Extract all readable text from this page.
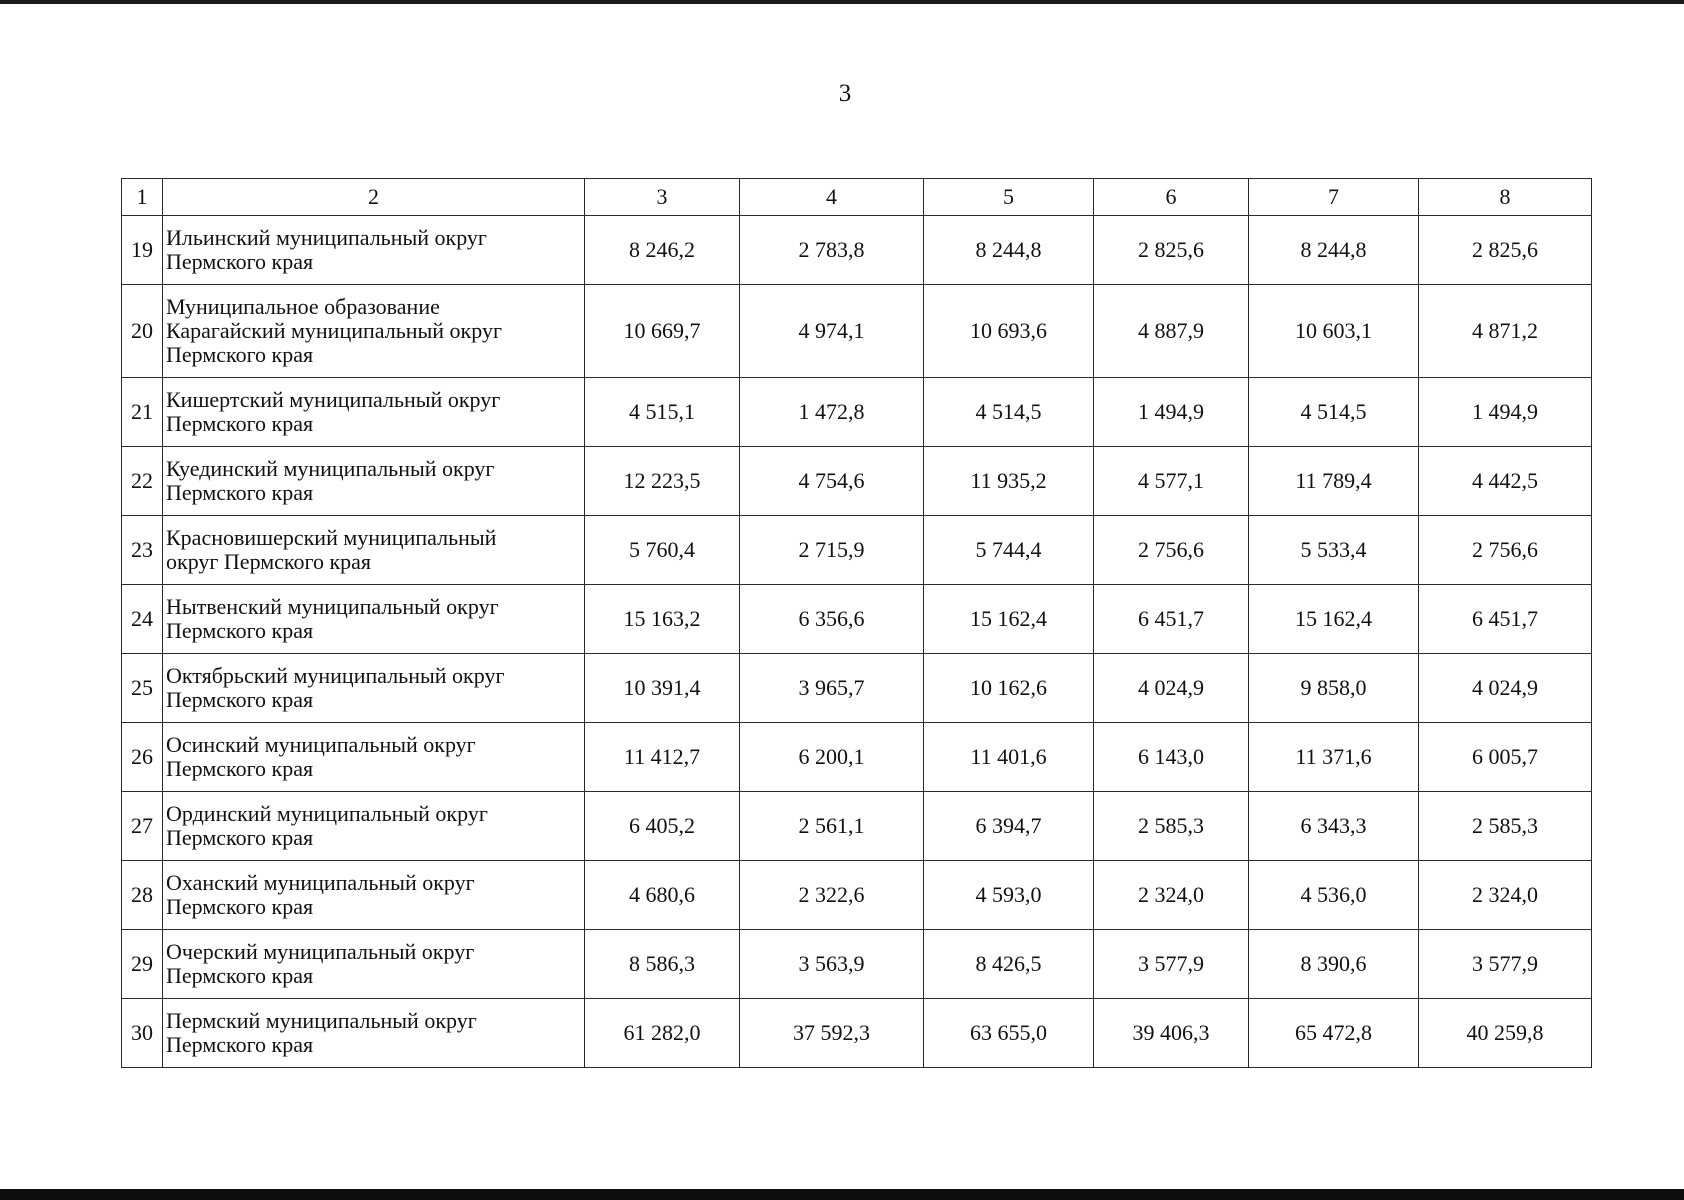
3
1	2	3	4	5	6	7	8
19	Ильинский муниципальный округ
Пермского края	8 246,2	2 783,8	8 244,8	2 825,6	8 244,8	2 825,6
20	Муниципальное образование
Карагайский муниципальный округ
Пермского края	10 669,7	4 974,1	10 693,6	4 887,9	10 603,1	4 871,2
21	Кишертский муниципальный округ
Пермского края	4 515,1	1 472,8	4 514,5	1 494,9	4 514,5	1 494,9
22	Куединский муниципальный округ
Пермского края	12 223,5	4 754,6	11 935,2	4 577,1	11 789,4	4 442,5
23	Красновишерский муниципальный
округ Пермского края	5 760,4	2 715,9	5 744,4	2 756,6	5 533,4	2 756,6
24	Нытвенский муниципальный округ
Пермского края	15 163,2	6 356,6	15 162,4	6 451,7	15 162,4	6 451,7
25	Октябрьский муниципальный округ
Пермского края	10 391,4	3 965,7	10 162,6	4 024,9	9 858,0	4 024,9
26	Осинский муниципальный округ
Пермского края	11 412,7	6 200,1	11 401,6	6 143,0	11 371,6	6 005,7
27	Ординский муниципальный округ
Пермского края	6 405,2	2 561,1	6 394,7	2 585,3	6 343,3	2 585,3
28	Оханский муниципальный округ
Пермского края	4 680,6	2 322,6	4 593,0	2 324,0	4 536,0	2 324,0
29	Очерский муниципальный округ
Пермского края	8 586,3	3 563,9	8 426,5	3 577,9	8 390,6	3 577,9
30	Пермский муниципальный округ
Пермского края	61 282,0	37 592,3	63 655,0	39 406,3	65 472,8	40 259,8
